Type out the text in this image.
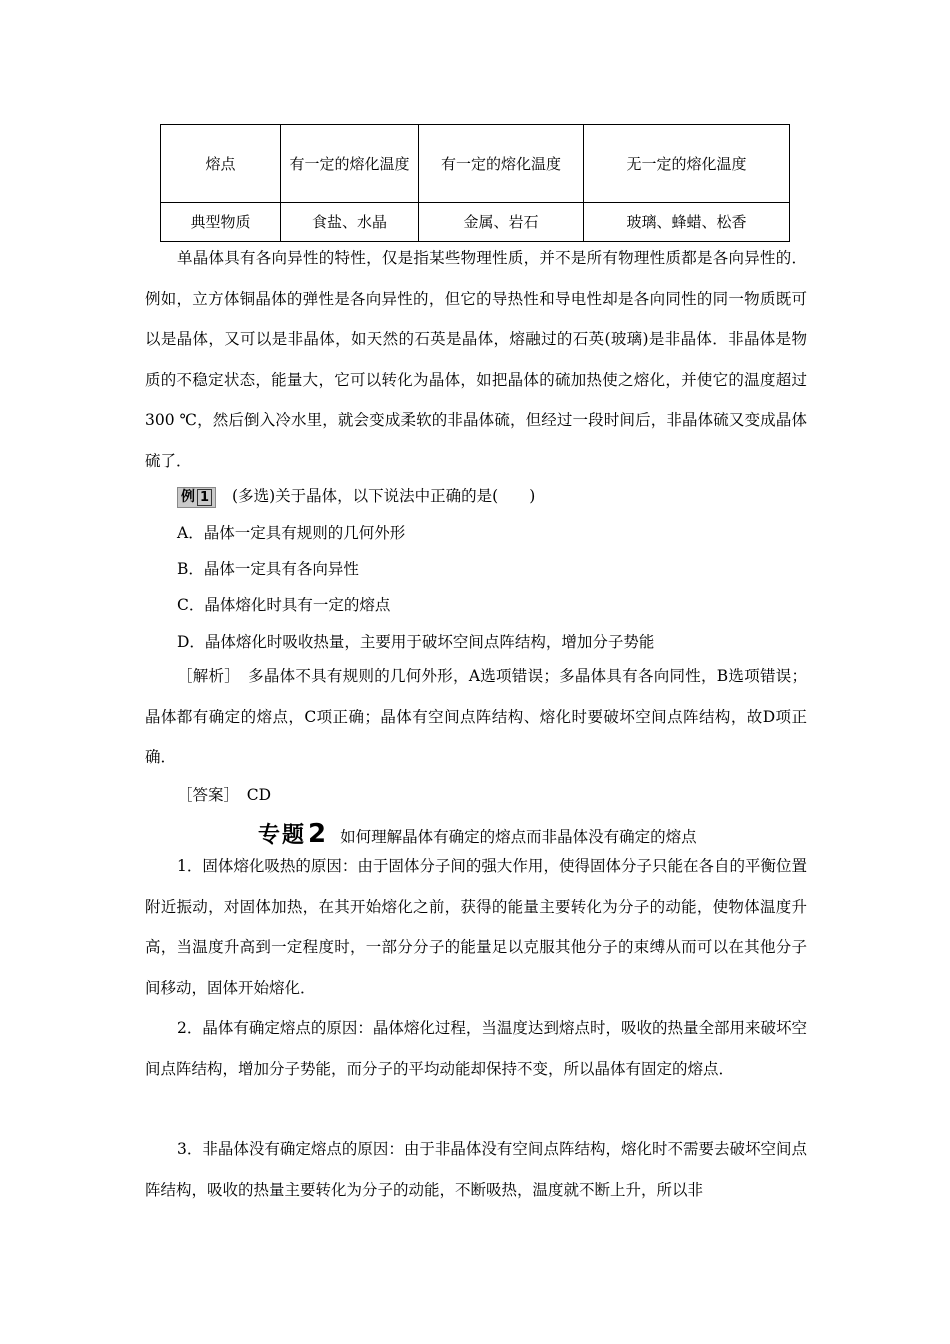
熔点	有一定的熔化温度	有一定的熔化温度	无一定的熔化温度
典型物质	食盐、水晶	金属、岩石	玻璃、蜂蜡、松香

单晶体具有各向异性的特性，仅是指某些物理性质，并不是所有物理性质都是各向异性的．例如，立方体铜晶体的弹性是各向异性的，但它的导热性和导电性却是各向同性的同一物质既可以是晶体，又可以是非晶体，如天然的石英是晶体，熔融过的石英(玻璃)是非晶体．非晶体是物质的不稳定状态，能量大，它可以转化为晶体，如把晶体的硫加热使之熔化，并使它的温度超过300 ℃，然后倒入冷水里，就会变成柔软的非晶体硫，但经过一段时间后，非晶体硫又变成晶体硫了．

例 1 (多选)关于晶体，以下说法中正确的是(　　)
A．晶体一定具有规则的几何外形
B．晶体一定具有各向异性
C．晶体熔化时具有一定的熔点
D．晶体熔化时吸收热量，主要用于破坏空间点阵结构，增加分子势能

［解析］　多晶体不具有规则的几何外形，A选项错误；多晶体具有各向同性，B选项错误；晶体都有确定的熔点，C项正确；晶体有空间点阵结构、熔化时要破坏空间点阵结构，故D项正确．

［答案］　CD
专题2 如何理解晶体有确定的熔点而非晶体没有确定的熔点

1．固体熔化吸热的原因：由于固体分子间的强大作用，使得固体分子只能在各自的平衡位置附近振动，对固体加热，在其开始熔化之前，获得的能量主要转化为分子的动能，使物体温度升高，当温度升高到一定程度时，一部分分子的能量足以克服其他分子的束缚从而可以在其他分子间移动，固体开始熔化．

2．晶体有确定熔点的原因：晶体熔化过程，当温度达到熔点时，吸收的热量全部用来破坏空间点阵结构，增加分子势能，而分子的平均动能却保持不变，所以晶体有固定的熔点．

3．非晶体没有确定熔点的原因：由于非晶体没有空间点阵结构，熔化时不需要去破坏空间点阵结构，吸收的热量主要转化为分子的动能，不断吸热，温度就不断上升，所以非
